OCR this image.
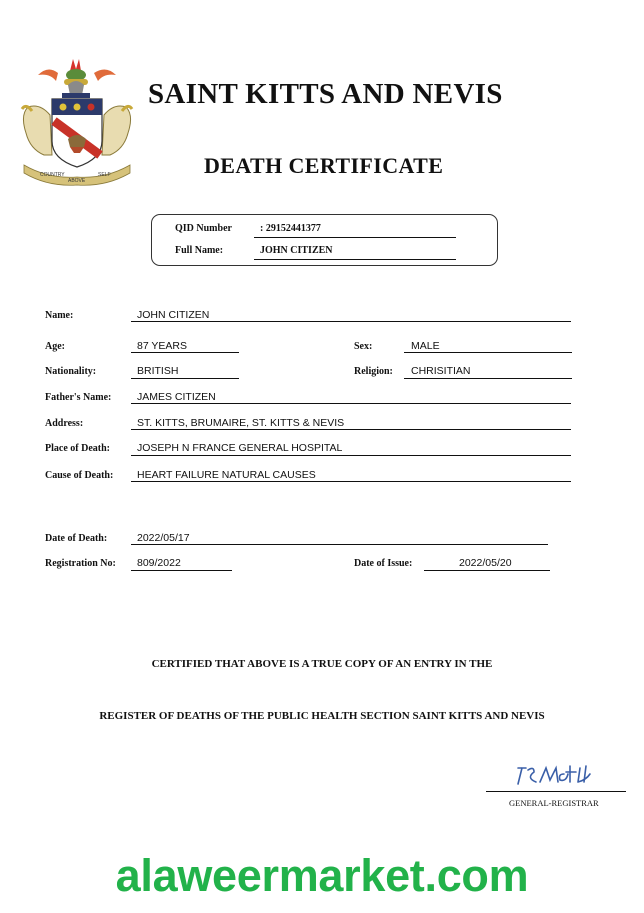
COUNTRY
ABOVE
SELF
SAINT KITTS AND NEVIS
DEATH CERTIFICATE
QID Number	: 29152441377
Full Name:	JOHN CITIZEN
Name:	JOHN CITIZEN
Age:	87 YEARS	Sex:	MALE
Nationality:	BRITISH	Religion: CHRISITIAN
Father's Name: JAMES CITIZEN
Address:	ST. KITTS, BRUMAIRE, ST. KITTS & NEVIS
Place of Death:	JOSEPH N FRANCE GENERAL HOSPITAL
Cause of Death: HEART FAILURE NATURAL CAUSES
Date of Death:	2022/05/17
Registration No: 809/2022	Date of Issue:	2022/05/20
CERTIFIED THAT ABOVE IS A TRUE COPY OF AN ENTRY IN THE
REGISTER OF DEATHS OF THE PUBLIC HEALTH SECTION SAINT KITTS AND NEVIS
GENERAL-REGISTRAR
alaweermarket.com
